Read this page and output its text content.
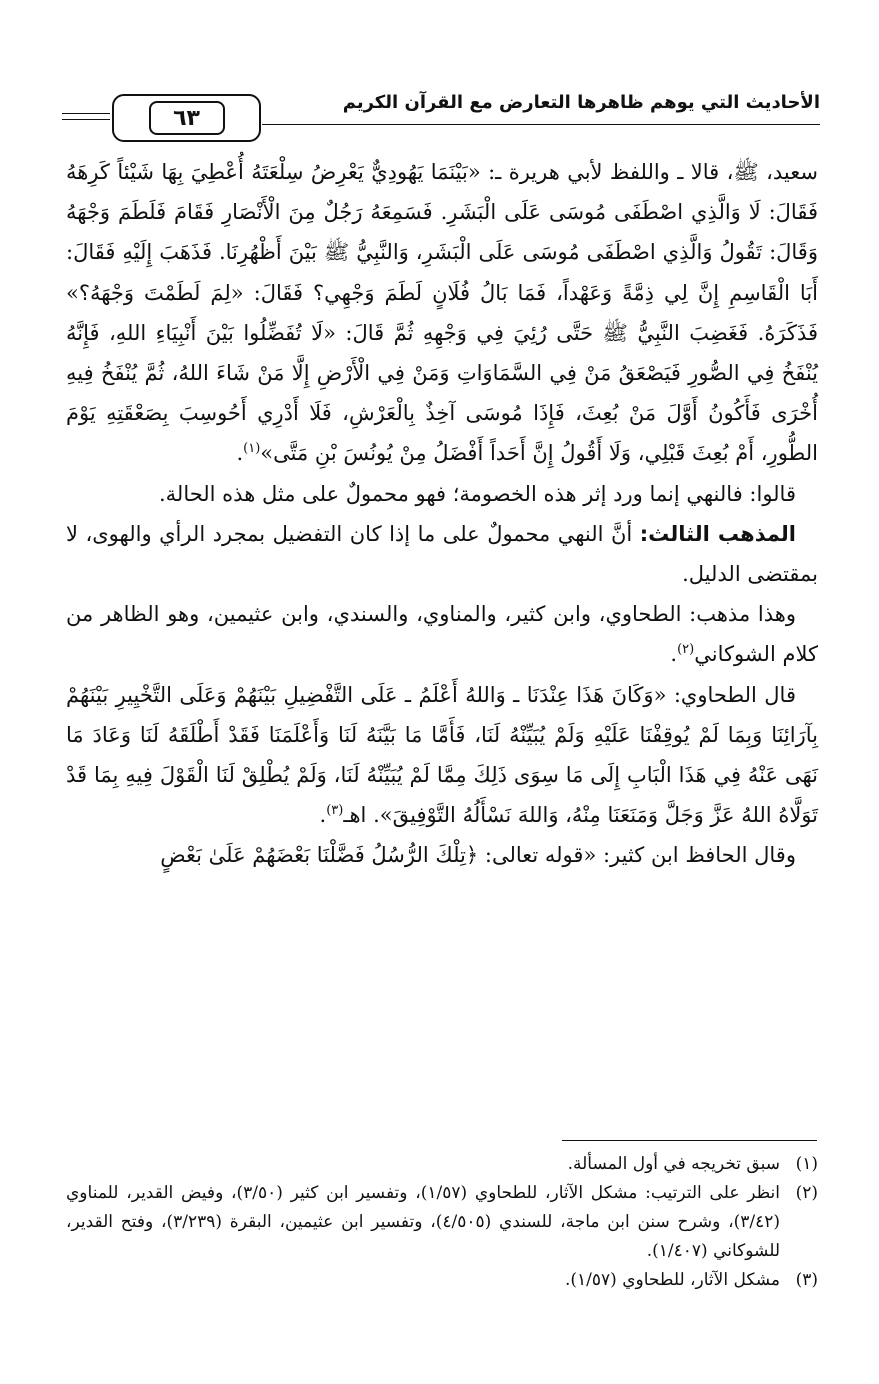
الأحاديث التي يوهم ظاهرها التعارض مع القرآن الكريم
٦٣

سعيد، ﷺ، قالا ـ واللفظ لأبي هريرة ـ: «بَيْنَمَا يَهُودِيٌّ يَعْرِضُ سِلْعَتَهُ أُعْطِيَ بِهَا شَيْئاً كَرِهَهُ فَقَالَ: لَا وَالَّذِي اصْطَفَى مُوسَى عَلَى الْبَشَرِ. فَسَمِعَهُ رَجُلٌ مِنَ الْأَنْصَارِ فَقَامَ فَلَطَمَ وَجْهَهُ وَقَالَ: تَقُولُ وَالَّذِي اصْطَفَى مُوسَى عَلَى الْبَشَرِ، وَالنَّبِيُّ ﷺ بَيْنَ أَظْهُرِنَا. فَذَهَبَ إِلَيْهِ فَقَالَ: أَبَا الْقَاسِمِ إِنَّ لِي ذِمَّةً وَعَهْداً، فَمَا بَالُ فُلَانٍ لَطَمَ وَجْهِي؟ فَقَالَ: «لِمَ لَطَمْتَ وَجْهَهُ؟» فَذَكَرَهُ. فَغَضِبَ النَّبِيُّ ﷺ حَتَّى رُئِيَ فِي وَجْهِهِ ثُمَّ قَالَ: «لَا تُفَضِّلُوا بَيْنَ أَنْبِيَاءِ اللهِ، فَإِنَّهُ يُنْفَخُ فِي الصُّورِ فَيَصْعَقُ مَنْ فِي السَّمَاوَاتِ وَمَنْ فِي الْأَرْضِ إِلَّا مَنْ شَاءَ اللهُ، ثُمَّ يُنْفَخُ فِيهِ أُخْرَى فَأَكُونُ أَوَّلَ مَنْ بُعِثَ، فَإِذَا مُوسَى آخِذٌ بِالْعَرْشِ، فَلَا أَدْرِي أَحُوسِبَ بِصَعْقَتِهِ يَوْمَ الطُّورِ، أَمْ بُعِثَ قَبْلِي، وَلَا أَقُولُ إِنَّ أَحَداً أَفْضَلُ مِنْ يُونُسَ بْنِ مَتَّى»$^{(١)}$.

قالوا: فالنهي إنما ورد إثر هذه الخصومة؛ فهو محمولٌ على مثل هذه الحالة.

المذهب الثالث: أنَّ النهي محمولٌ على ما إذا كان التفضيل بمجرد الرأي والهوى، لا بمقتضى الدليل.

وهذا مذهب: الطحاوي، وابن كثير، والمناوي، والسندي، وابن عثيمين، وهو الظاهر من كلام الشوكاني$^{(٢)}$.

قال الطحاوي: «وَكَانَ هَذَا عِنْدَنَا ـ وَاللهُ أَعْلَمُ ـ عَلَى التَّفْضِيلِ بَيْنَهُمْ وَعَلَى التَّخْيِيرِ بَيْنَهُمْ بِآرَائِنَا وَبِمَا لَمْ يُوقِفْنَا عَلَيْهِ وَلَمْ يُبَيِّنْهُ لَنَا، فَأَمَّا مَا بَيَّنَهُ لَنَا وَأَعْلَمَنَا فَقَدْ أَطْلَقَهُ لَنَا وَعَادَ مَا نَهَى عَنْهُ فِي هَذَا الْبَابِ إِلَى مَا سِوَى ذَلِكَ مِمَّا لَمْ يُبَيِّنْهُ لَنَا، وَلَمْ يُطْلِقْ لَنَا الْقَوْلَ فِيهِ بِمَا قَدْ تَوَلَّاهُ اللهُ عَزَّ وَجَلَّ وَمَنَعَنَا مِنْهُ، وَاللهَ نَسْأَلُهُ التَّوْفِيقَ». اهـ$^{(٣)}$.

وقال الحافظ ابن كثير: «قوله تعالى: ﴿تِلْكَ الرُّسُلُ فَضَّلْنَا بَعْضَهُمْ عَلَىٰ بَعْضٍ

(١)
سبق تخريجه في أول المسألة.
(٢)
انظر على الترتيب: مشكل الآثار، للطحاوي (١/٥٧)، وتفسير ابن كثير (٣/٥٠)، وفيض القدير، للمناوي (٣/٤٢)، وشرح سنن ابن ماجة، للسندي (٤/٥٠٥)، وتفسير ابن عثيمين، البقرة (٣/٢٣٩)، وفتح القدير، للشوكاني (١/٤٠٧).
(٣)
مشكل الآثار، للطحاوي (١/٥٧).
